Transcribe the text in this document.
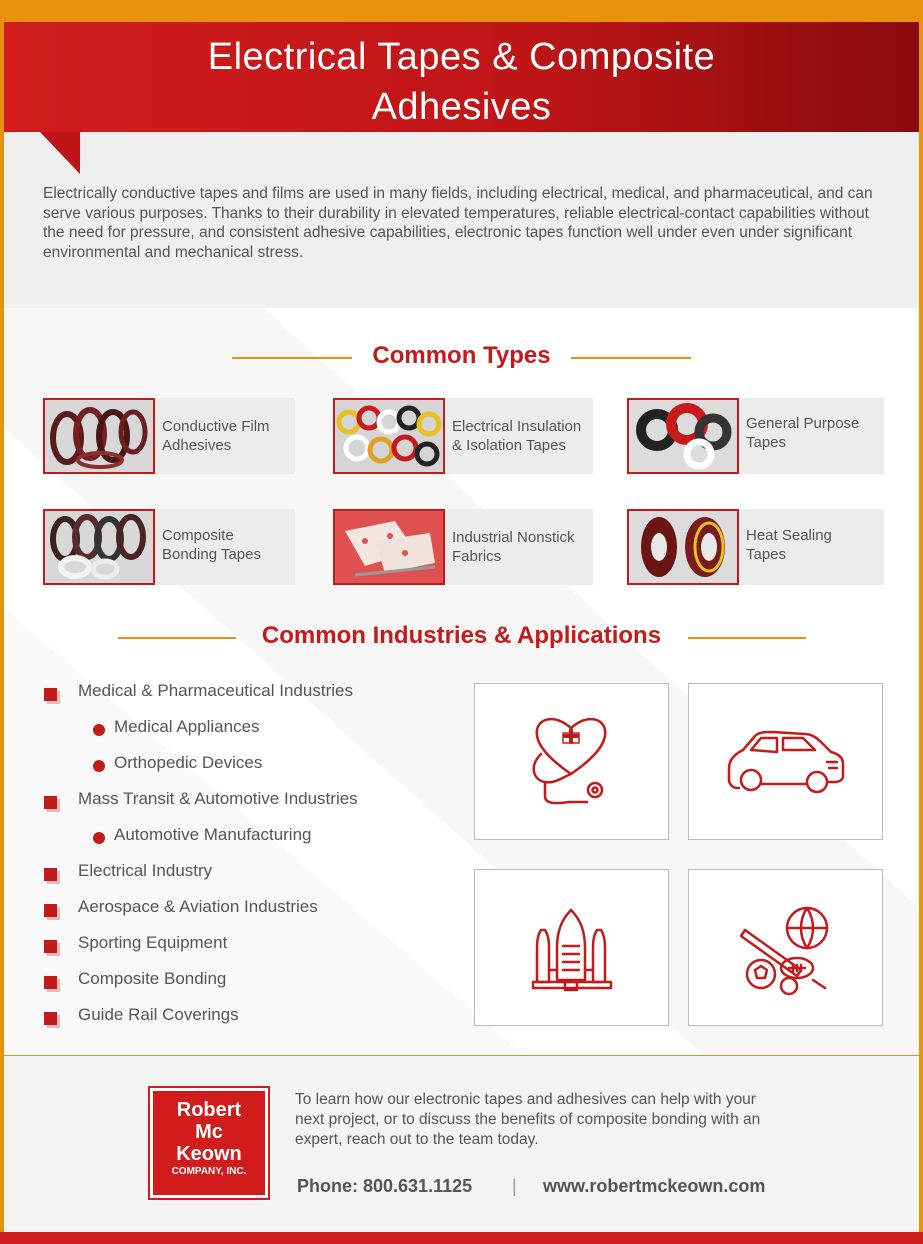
Electrical Tapes & Composite
Adhesives

Electrically conductive tapes and films are used in many fields, including electrical, medical, and pharmaceutical, and can serve various purposes. Thanks to their durability in elevated temperatures, reliable electrical-contact capabilities without the need for pressure, and consistent adhesive capabilities, electronic tapes function well under even under significant environmental and mechanical stress.

Common Types
Conductive Film
Adhesives
Electrical Insulation
& Isolation Tapes
General Purpose
Tapes
Composite
Bonding Tapes
Industrial Nonstick
Fabrics
Heat Sealing
Tapes
Common Industries & Applications
Medical & Pharmaceutical Industries
Medical Appliances
Orthopedic Devices
Mass Transit & Automotive Industries
Automotive Manufacturing
Electrical Industry
Aerospace & Aviation Industries
Sporting Equipment
Composite Bonding
Guide Rail Coverings
Robert
Mc
Keown
COMPANY, INC.
To learn how our electronic tapes and adhesives can help with your next project, or to discuss the benefits of composite bonding with an expert, reach out to the team today.
Phone: 800.631.1125 | www.robertmckeown.com
